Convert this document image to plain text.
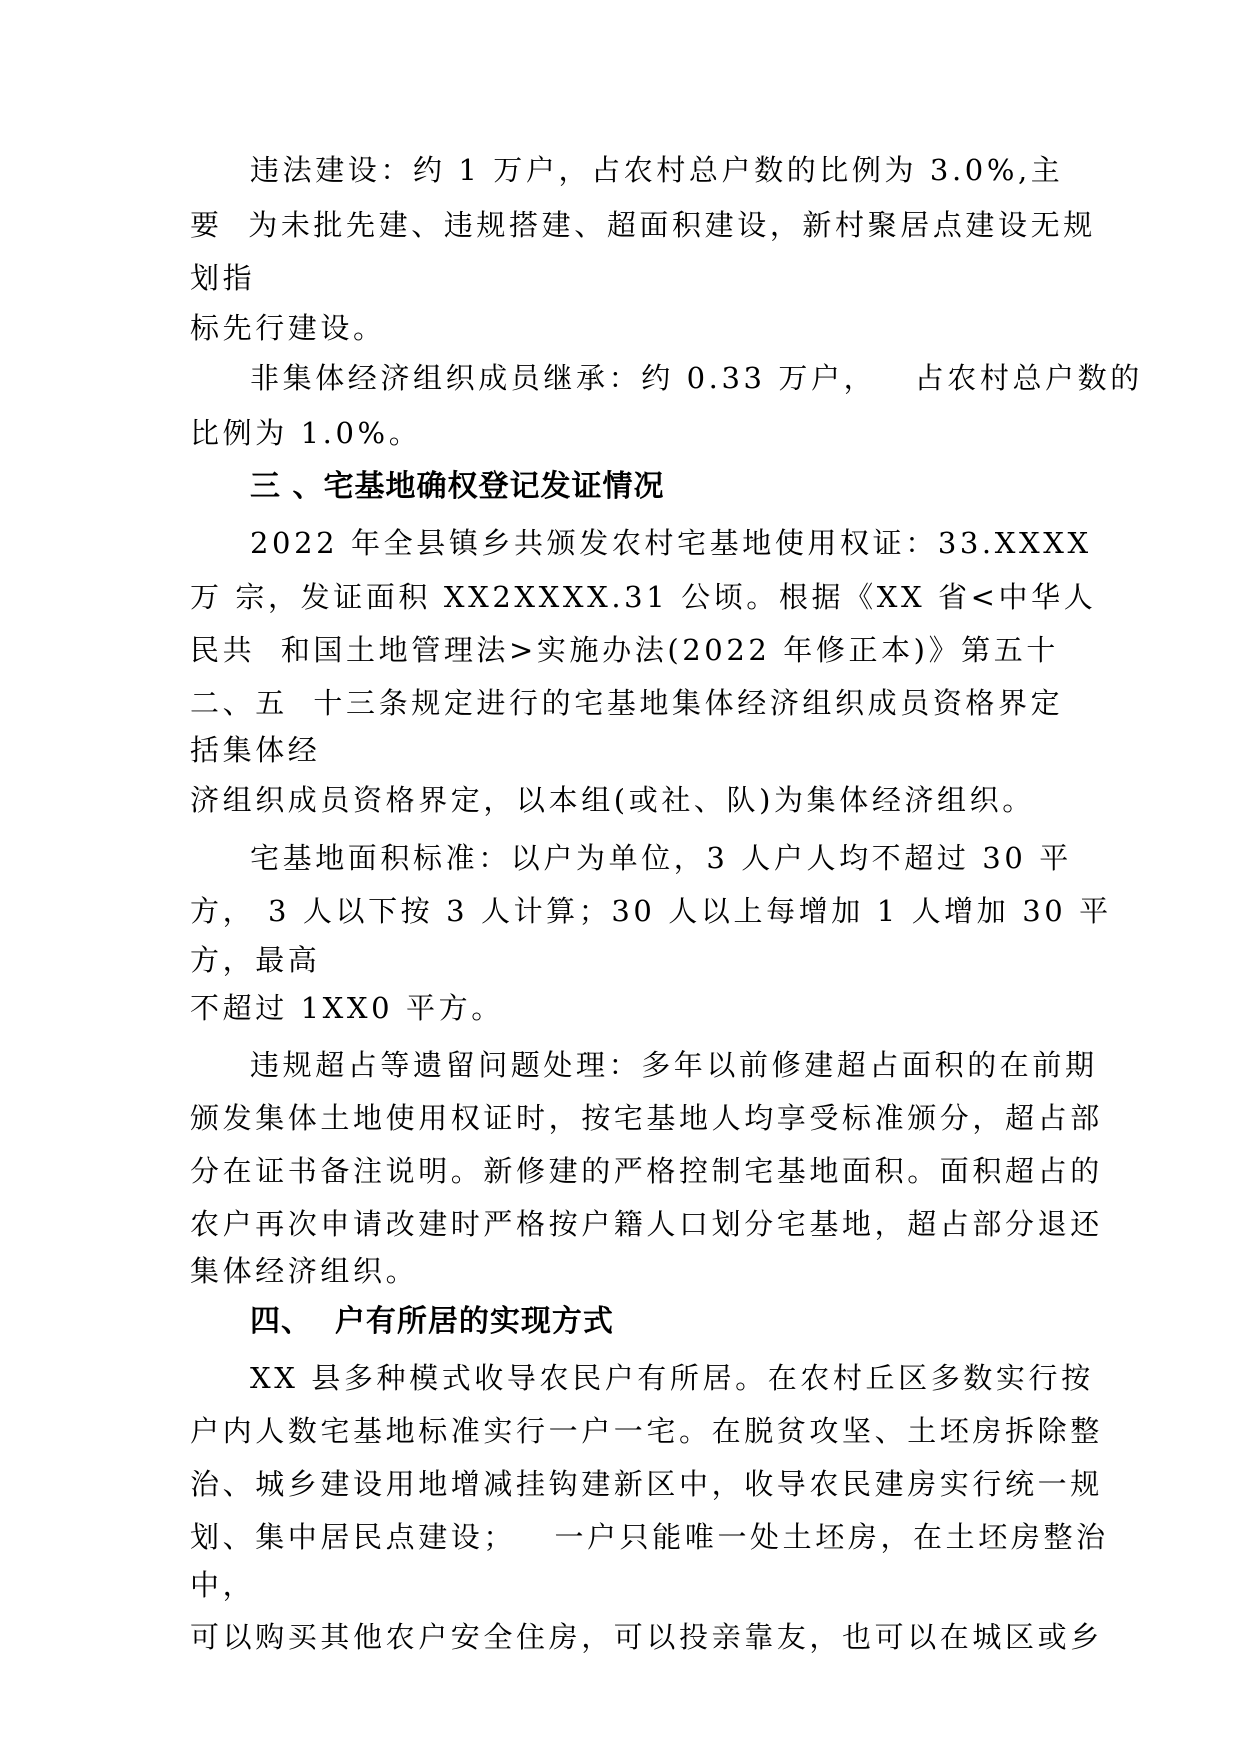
违法建设：约 1 万户，占农村总户数的比例为 3.0%,主
要  为未批先建、违规搭建、超面积建设，新村聚居点建设无规
划指
标先行建设。
非集体经济组织成员继承：约 0.33 万户，   占农村总户数的
比例为 1.0%。
三 、宅基地确权登记发证情况
2022 年全县镇乡共颁发农村宅基地使用权证：33.XXXX
万 宗，发证面积 XX2XXXX.31 公顷。根据《XX 省<中华人
民共  和国土地管理法>实施办法(2022 年修正本)》第五十
二、五  十三条规定进行的宅基地集体经济组织成员资格界定
括集体经
济组织成员资格界定，以本组(或社、队)为集体经济组织。
宅基地面积标准：以户为单位，3 人户人均不超过 30 平
方， 3 人以下按 3 人计算；30 人以上每增加 1 人增加 30 平
方，最高
不超过 1XX0 平方。
违规超占等遗留问题处理：多年以前修建超占面积的在前期
颁发集体土地使用权证时，按宅基地人均享受标准颁分，超占部
分在证书备注说明。新修建的严格控制宅基地面积。面积超占的
农户再次申请改建时严格按户籍人口划分宅基地，超占部分退还
集体经济组织。
四、  户有所居的实现方式
XX 县多种模式收导农民户有所居。在农村丘区多数实行按
户内人数宅基地标准实行一户一宅。在脱贫攻坚、土坯房拆除整
治、城乡建设用地增减挂钩建新区中，收导农民建房实行统一规
划、集中居民点建设；   一户只能唯一处土坯房，在土坯房整治
中，
可以购买其他农户安全住房，可以投亲靠友，也可以在城区或乡
